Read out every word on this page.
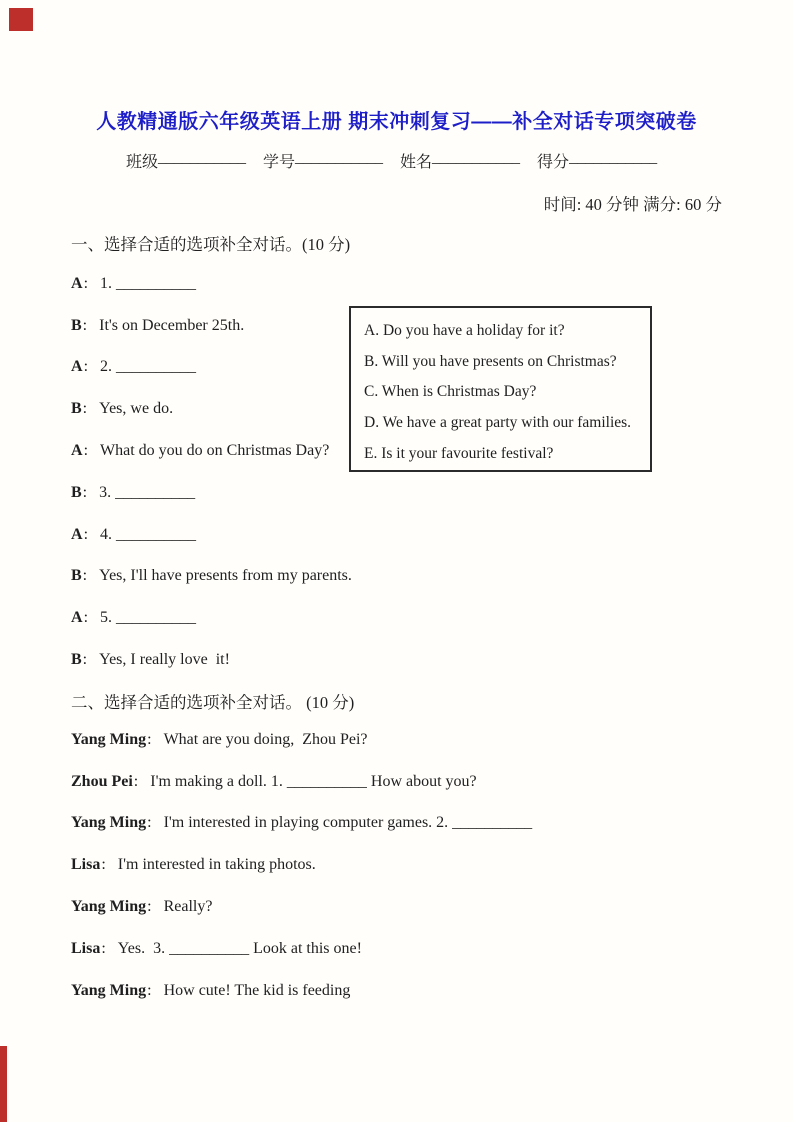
人教精通版六年级英语上册 期末冲刺复习——补全对话专项突破卷
班级 ___________ 学号 ___________ 姓名 ___________ 得分 ___________
时间: 40 分钟 满分: 60 分
一、选择合适的选项补全对话。(10 分)
A : 1. __________
B : It's on December 25th.
A : 2. __________
B : Yes, we do.
A : What do you do on Christmas Day?
B : 3. __________
A : 4. __________
B : Yes, I'll have presents from my parents.
A : 5. __________
B : Yes, I really love  it!
A. Do you have a holiday for it?
B. Will you have presents on Christmas?
C. When is Christmas Day?
D. We have a great party with our families.
E. Is it your favourite festival?
二、选择合适的选项补全对话。 (10 分)
Yang Ming : What are you doing,  Zhou Pei?
Zhou Pei : I'm making a doll. 1. __________ How about you?
Yang Ming : I'm interested in playing computer games. 2. __________
Lisa : I'm interested in taking photos.
Yang Ming : Really?
Lisa : Yes.  3. __________ Look at this one!
Yang Ming : How cute! The kid is feeding
